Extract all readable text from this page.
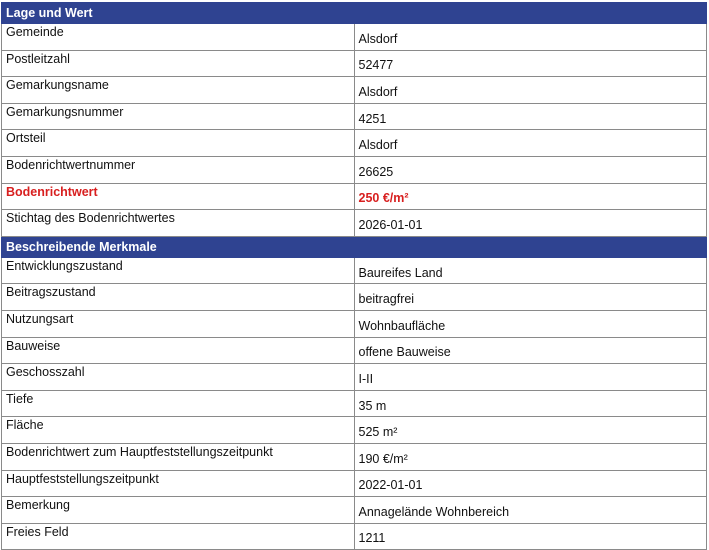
Lage und Wert	
Gemeinde	Alsdorf
Postleitzahl	52477
Gemarkungsname	Alsdorf
Gemarkungsnummer	4251
Ortsteil	Alsdorf
Bodenrichtwertnummer	26625
Bodenrichtwert	250 €/m²
Stichtag des Bodenrichtwertes	2026-01-01
Beschreibende Merkmale	
Entwicklungszustand	Baureifes Land
Beitragszustand	beitragfrei
Nutzungsart	Wohnbaufläche
Bauweise	offene Bauweise
Geschosszahl	I-II
Tiefe	35 m
Fläche	525 m²
Bodenrichtwert zum Hauptfeststellungszeitpunkt	190 €/m²
Hauptfeststellungszeitpunkt	2022-01-01
Bemerkung	Annagelände Wohnbereich
Freies Feld	1211
